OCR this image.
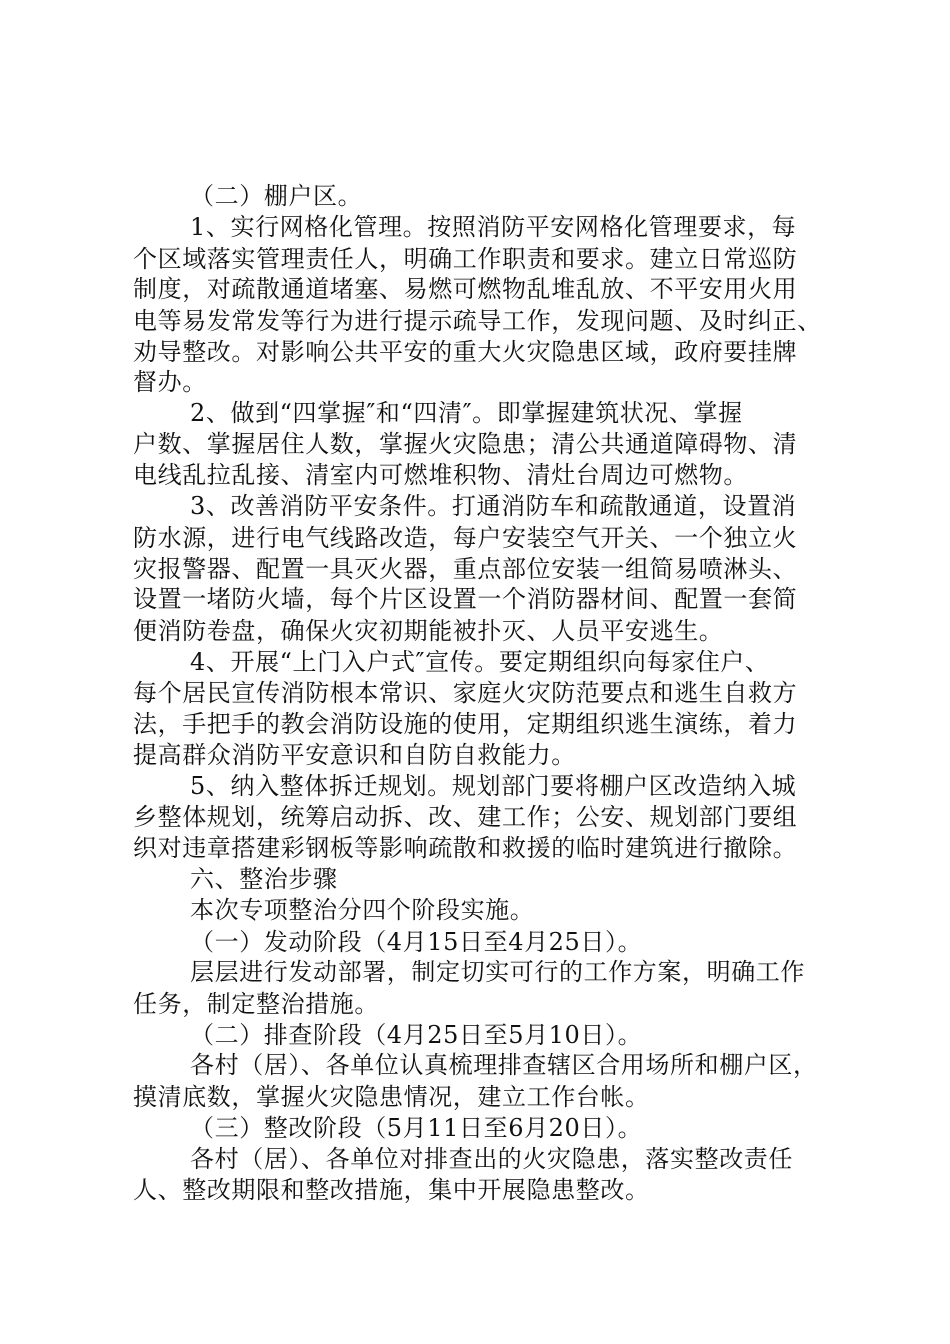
（二）棚户区。
1、实行网格化管理。按照消防平安网格化管理要求，每
个区域落实管理责任人，明确工作职责和要求。建立日常巡防
制度，对疏散通道堵塞、易燃可燃物乱堆乱放、不平安用火用
电等易发常发等行为进行提示疏导工作，发现问题、及时纠正、
劝导整改。对影响公共平安的重大火灾隐患区域，政府要挂牌
督办。
2、做到“四掌握″和“四清″。即掌握建筑状况、掌握
户数、掌握居住人数，掌握火灾隐患；清公共通道障碍物、清
电线乱拉乱接、清室内可燃堆积物、清灶台周边可燃物。
3、改善消防平安条件。打通消防车和疏散通道，设置消
防水源，进行电气线路改造，每户安装空气开关、一个独立火
灾报警器、配置一具灭火器，重点部位安装一组简易喷淋头、
设置一堵防火墙，每个片区设置一个消防器材间、配置一套简
便消防卷盘，确保火灾初期能被扑灭、人员平安逃生。
4、开展“上门入户式″宣传。要定期组织向每家住户、
每个居民宣传消防根本常识、家庭火灾防范要点和逃生自救方
法，手把手的教会消防设施的使用，定期组织逃生演练，着力
提高群众消防平安意识和自防自救能力。
5、纳入整体拆迁规划。规划部门要将棚户区改造纳入城
乡整体规划，统筹启动拆、改、建工作；公安、规划部门要组
织对违章搭建彩钢板等影响疏散和救援的临时建筑进行撤除。
六、整治步骤
本次专项整治分四个阶段实施。
（一）发动阶段（4月15日至4月25日）。
层层进行发动部署，制定切实可行的工作方案，明确工作
任务，制定整治措施。
（二）排查阶段（4月25日至5月10日）。
各村（居）、各单位认真梳理排查辖区合用场所和棚户区，
摸清底数，掌握火灾隐患情况，建立工作台帐。
（三）整改阶段（5月11日至6月20日）。
各村（居）、各单位对排查出的火灾隐患，落实整改责任
人、整改期限和整改措施，集中开展隐患整改。
